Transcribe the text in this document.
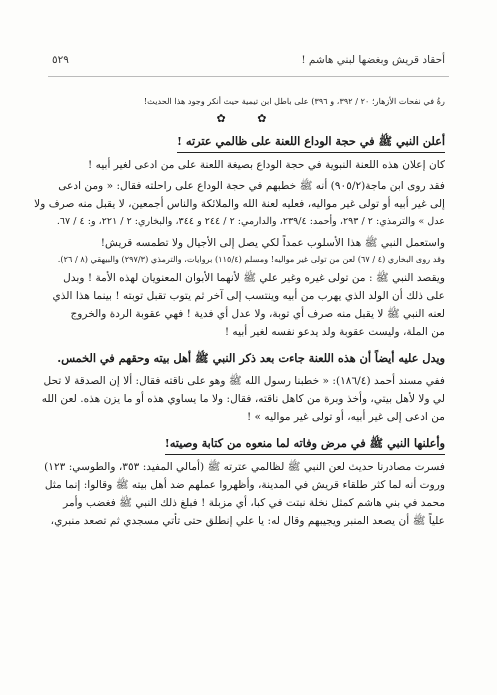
أحقاد قريش وبغضها لبني هاشم !
٥٢٩
رةُ في نفحات الأزهار؛ ٢٠ / ٣٩٢، و ٣٩٦) على باطل ابن تيمية حيث أنكر وجود هذا الحديث!
✿ ✿
أعلن النبي ﷺ في حجة الوداع اللعنة على ظالمي عترته !
كان إعلان هذه اللعنة النبوية في حجة الوداع بصيغة اللعنة على من ادعى لغير أبيه !
فقد روى ابن ماجة(٩٠٥/٢) أنه ﷺ خطبهم في حجة الوداع على راحلته فقال: « ومن ادعى
إلى غير أبيه أو تولى غير مواليه، فعليه لعنة الله والملائكة والناس أجمعين، لا يقبل منه صرف ولا
عدل » والترمذي: ٢ / ٢٩٣، وأحمد: ٢٣٩/٤، والدارمي: ٢ / ٢٤٤ و ٣٤٤، والبخاري: ٢ / ٢٢١، و: ٤ / ٦٧.
واستعمل النبي ﷺ هذا الأسلوب عمداً لكي يصل إلى الأجيال ولا تطمسه قريش!
وقد روى البخاري (٤ / ٦٧) لعن من تولى غير مواليه! ومسلم (١١٥/٤) بروايات، والترمذي (٢٩٧/٣) والبيهقي (٨ / ٢٦).
ويقصد النبي ﷺ : من تولى غيره وغير علي ﷺ لأنهما الأبوان المعنويان لهذه الأمة ! وبدل
على ذلك أن الولد الذي يهرب من أبيه وينتسب إلى آخر ثم يتوب تقبل توبته ! بينما هذا الذي
لعنه النبي ﷺ لا يقبل منه صرف أي توبة، ولا عدل أي فدية ! فهي عقوبة الردة والخروج
من الملة، وليست عقوبة ولد يدعو نفسه لغير أبيه !
ويدل عليه أيضاً أن هذه اللعنة جاءت بعد ذكر النبي ﷺ أهل بيته وحقهم في الخمس.
ففي مسند أحمد (١٨٦/٤): « خطبنا رسول الله ﷺ وهو على ناقته فقال: ألا إن الصدقة لا تحل
لي ولا لأهل بيتي، وأخذ وبرة من كاهل ناقته، فقال: ولا ما يساوي هذه أو ما يزن هذه. لعن الله
من ادعى إلى غير أبيه، أو تولى غير مواليه » !
وأعلنها النبي ﷺ في مرض وفاته لما منعوه من كتابة وصيته!
فسرت مصادرنا حديث لعن النبي ﷺ لظالمي عترته ﷺ (أمالي المفيد: ٣٥٣، والطوسي: ١٢٣)
وروت أنه لما كثر طلقاء قريش في المدينة، وأظهروا عملهم ضد أهل بيته ﷺ وقالوا: إنما مثل
محمد في بني هاشم كمثل نخلة نبتت في كبا، أي مزبلة ! فبلغ ذلك النبي ﷺ فغضب وأمر
علياً ﷺ أن يصعد المنبر ويجيبهم وقال له: يا علي إنطلق حتى تأتي مسجدي ثم تصعد منبري،
